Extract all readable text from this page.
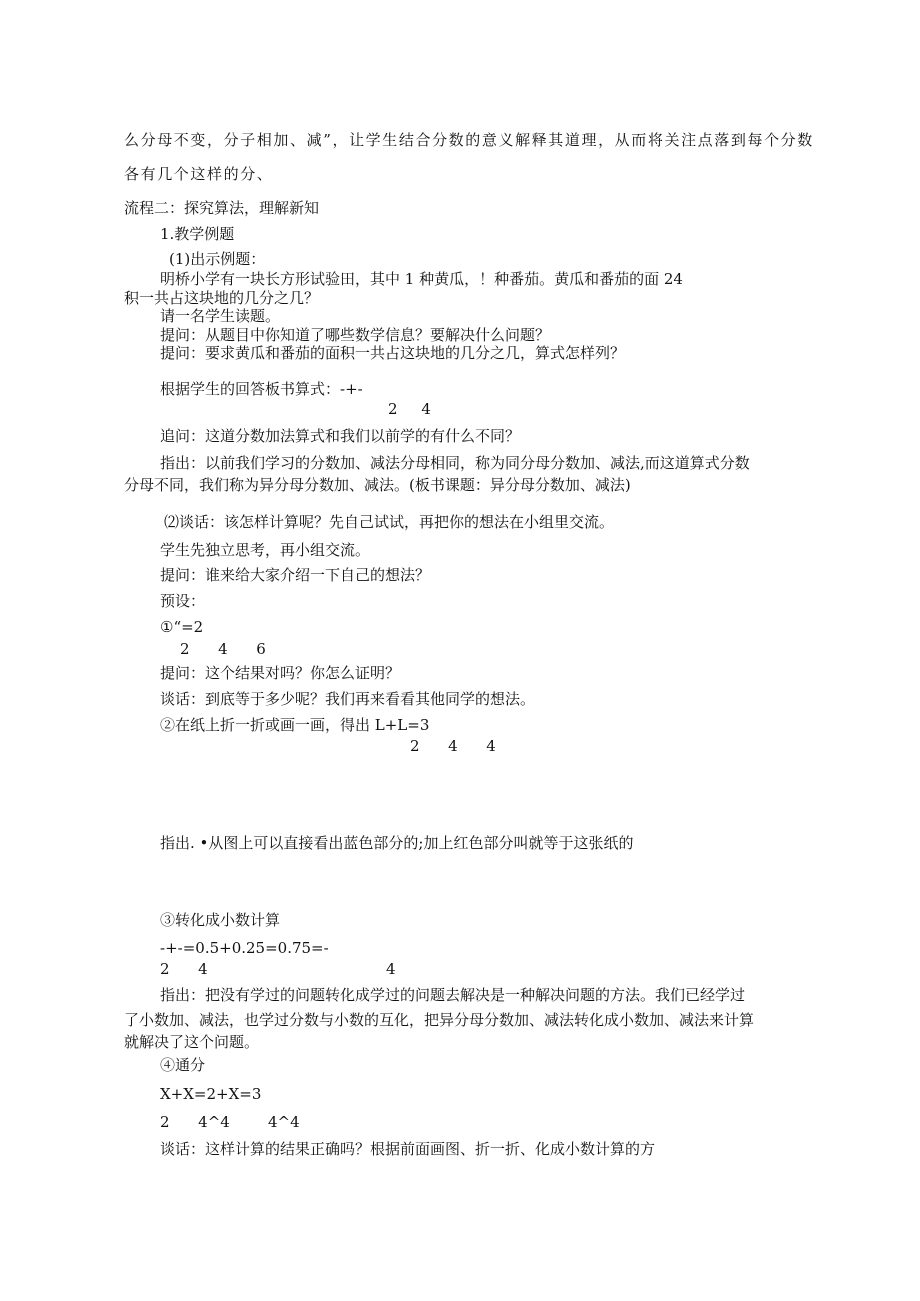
么分母不变，分子相加、减”，让学生结合分数的意义解释其道理，从而将关注点落到每个分数
各有几个这样的分、
流程二：探究算法，理解新知
1.教学例题
(1)出示例题：
明桥小学有一块长方形试验田，其中 1 种黄瓜，！种番茄。黄瓜和番茄的面 24
积一共占这块地的几分之几？
请一名学生读题。
提问：从题目中你知道了哪些数学信息？要解决什么问题？
提问：要求黄瓜和番茄的面积一共占这块地的几分之几，算式怎样列？
根据学生的回答板书算式：-+-
2     4
追问：这道分数加法算式和我们以前学的有什么不同？
指出：以前我们学习的分数加、减法分母相同，称为同分母分数加、减法,而这道算式分数
分母不同，我们称为异分母分数加、减法。(板书课题：异分母分数加、减法)
⑵谈话：该怎样计算呢？先自己试试，再把你的想法在小组里交流。
学生先独立思考，再小组交流。
提问：谁来给大家介绍一下自己的想法？
预设：
①“=2
2      4      6
提问：这个结果对吗？你怎么证明？
谈话：到底等于多少呢？我们再来看看其他同学的想法。
②在纸上折一折或画一画，得出 L+L=3
2      4      4
指出. •从图上可以直接看出蓝色部分的;加上红色部分叫就等于这张纸的
③转化成小数计算
-+-=0.5+0.25=0.75=-
2      4	4
指出：把没有学过的问题转化成学过的问题去解决是一种解决问题的方法。我们已经学过
了小数加、减法，也学过分数与小数的互化，把异分母分数加、减法转化成小数加、减法来计算
就解决了这个问题。
④通分
X+X=2+X=3
2      4^4        4^4
谈话：这样计算的结果正确吗？根据前面画图、折一折、化成小数计算的方
